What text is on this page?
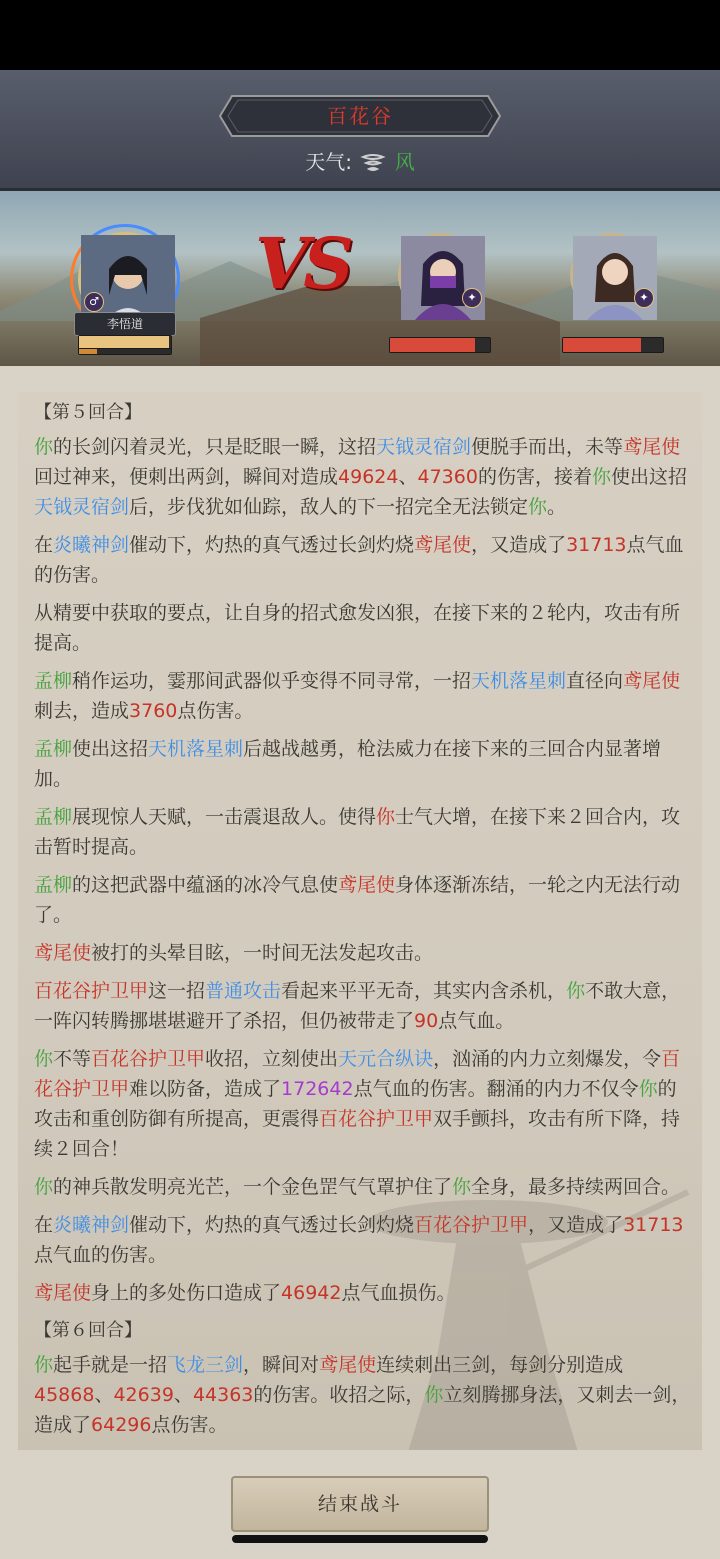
百花谷
天气: 风
李悟道
♂ VS	✦	✦
【第５回合】

你的长剑闪着灵光，只是眨眼一瞬，这招天钺灵宿剑便脱手而出，未等鸢尾使回过神来，便刺出两剑，瞬间对造成49624、47360的伤害，接着你使出这招天钺灵宿剑后，步伐犹如仙踪，敌人的下一招完全无法锁定你。

在炎曦神剑催动下，灼热的真气透过长剑灼烧鸢尾使，又造成了31713点气血的伤害。

从精要中获取的要点，让自身的招式愈发凶狠，在接下来的２轮内，攻击有所提高。

孟柳稍作运功，霎那间武器似乎变得不同寻常，一招天机落星刺直径向鸢尾使刺去，造成3760点伤害。

孟柳使出这招天机落星刺后越战越勇，枪法威力在接下来的三回合内显著增加。

孟柳展现惊人天赋，一击震退敌人。使得你士气大增，在接下来２回合内，攻击暂时提高。

孟柳的这把武器中蕴涵的冰冷气息使鸢尾使身体逐渐冻结，一轮之内无法行动了。

鸢尾使被打的头晕目眩，一时间无法发起攻击。

百花谷护卫甲这一招普通攻击看起来平平无奇，其实内含杀机，你不敢大意，一阵闪转腾挪堪堪避开了杀招，但仍被带走了90点气血。

你不等百花谷护卫甲收招，立刻使出天元合纵诀，汹涌的内力立刻爆发，令百花谷护卫甲难以防备，造成了172642点气血的伤害。翻涌的内力不仅令你的攻击和重创防御有所提高，更震得百花谷护卫甲双手颤抖，攻击有所下降，持续２回合！

你的神兵散发明亮光芒，一个金色罡气气罩护住了你全身，最多持续两回合。

在炎曦神剑催动下，灼热的真气透过长剑灼烧百花谷护卫甲，又造成了31713点气血的伤害。

鸢尾使身上的多处伤口造成了46942点气血损伤。

【第６回合】

你起手就是一招飞龙三剑，瞬间对鸢尾使连续刺出三剑，每剑分别造成45868、42639、44363的伤害。收招之际，你立刻腾挪身法，又刺去一剑，造成了64296点伤害。

结束战斗
